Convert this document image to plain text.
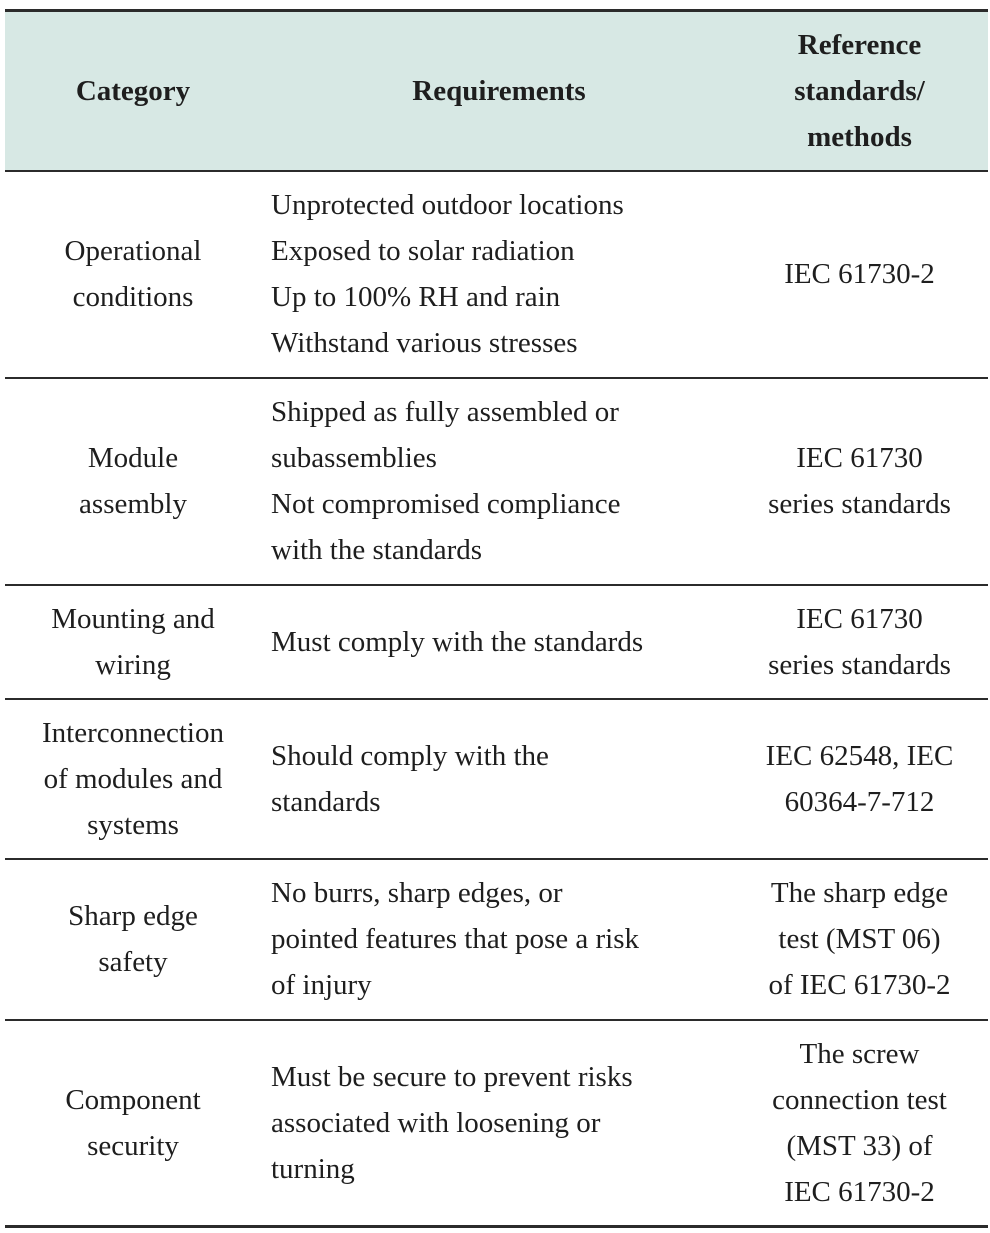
Category	Requirements	Reference
standards/
methods

Operational
conditions	Unprotected outdoor locations
Exposed to solar radiation
Up to 100% RH and rain
Withstand various stresses	IEC 61730-2

Module
assembly	Shipped as fully assembled or
subassemblies
Not compromised compliance
with the standards	IEC 61730
series standards

Mounting and
wiring	Must comply with the standards	IEC 61730
series standards

Interconnection
of modules and
systems	Should comply with the
standards	IEC 62548, IEC
60364-7-712

Sharp edge
safety	No burrs, sharp edges, or
pointed features that pose a risk
of injury	The sharp edge
test (MST 06)
of IEC 61730-2

Component
security	Must be secure to prevent risks
associated with loosening or
turning	The screw
connection test
(MST 33) of
IEC 61730-2
